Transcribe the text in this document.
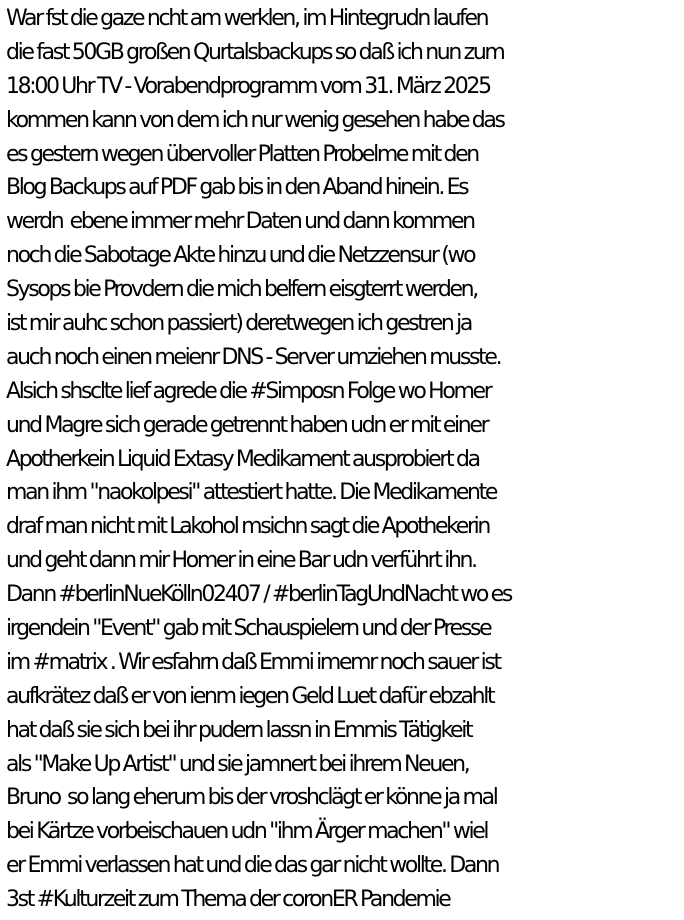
War fst die gaze ncht am werklen, im Hintegrudn laufen
die fast 50GB großen Qurtalsbackups so daß ich nun zum
18:00 Uhr TV - Vorabendprogramm vom 31. März 2025
kommen kann von dem ich nur wenig gesehen habe das
es gestern wegen übervoller Platten Probelme mit den
Blog Backups auf PDF gab bis in den Aband hinein. Es
werdn  ebene immer mehr Daten und dann kommen
noch die Sabotage Akte hinzu und die Netzzensur (wo
Sysops bie Provdern die mich belfern eisgterrt werden,
ist mir auhc schon passiert) deretwegen ich gestren ja
auch noch einen meienr DNS - Server umziehen musste.
Alsich shsclte lief agrede die #Simposn Folge wo Homer
und Magre sich gerade getrennt haben udn er mit einer
Apotherkein Liquid Extasy Medikament ausprobiert da
man ihm "naokolpesi" attestiert hatte. Die Medikamente
draf man nicht mit Lakohol msichn sagt die Apothekerin
und geht dann mir Homer in eine Bar udn verführt ihn.
Dann #berlinNueKölln02407 / #berlinTagUndNacht wo es
irgendein "Event" gab mit Schauspielern und der Presse
im #matrix . Wir esfahrn daß Emmi imemr noch sauer ist
aufkrätez daß er von ienm iegen Geld Luet dafür ebzahlt
hat daß sie sich bei ihr pudern lassn in Emmis Tätigkeit
als "Make Up Artist" und sie jamnert bei ihrem Neuen,
Bruno  so lang eherum bis der vroshclägt er könne ja mal
bei Kärtze vorbeischauen udn "ihm Ärger machen" wiel
er Emmi verlassen hat und die das gar nicht wollte. Dann
3st #Kulturzeit zum Thema der coronER Pandemie
